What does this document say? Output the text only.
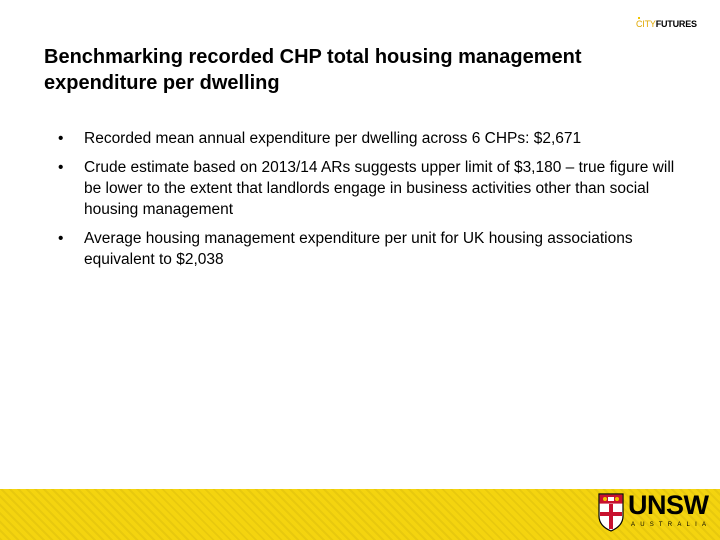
CITYFUTURES
Benchmarking recorded CHP total housing management expenditure per dwelling
• Recorded mean annual expenditure per dwelling across 6 CHPs: $2,671
• Crude estimate based on 2013/14 ARs suggests upper limit of $3,180 – true figure will be lower to the extent that landlords engage in business activities other than social housing management
• Average housing management expenditure per unit for UK housing associations equivalent to $2,038
UNSW
AUSTRALIA
